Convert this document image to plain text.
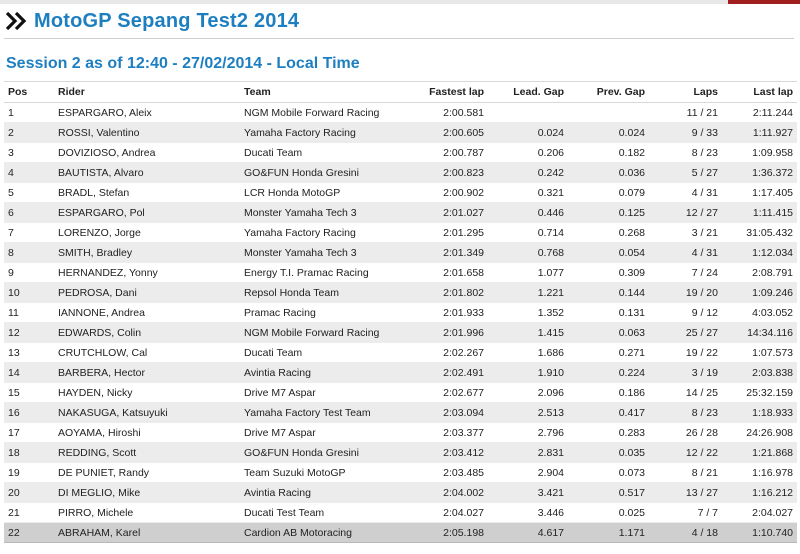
MotoGP Sepang Test2 2014
Session 2 as of 12:40 - 27/02/2014 - Local Time
Pos	Rider	Team	Fastest lap	Lead. Gap	Prev. Gap	Laps	Last lap
1	ESPARGARO, Aleix	NGM Mobile Forward Racing	2:00.581			11 / 21	2:11.244
2	ROSSI, Valentino	Yamaha Factory Racing	2:00.605	0.024	0.024	9 / 33	1:11.927
3	DOVIZIOSO, Andrea	Ducati Team	2:00.787	0.206	0.182	8 / 23	1:09.958
4	BAUTISTA, Alvaro	GO&FUN Honda Gresini	2:00.823	0.242	0.036	5 / 27	1:36.372
5	BRADL, Stefan	LCR Honda MotoGP	2:00.902	0.321	0.079	4 / 31	1:17.405
6	ESPARGARO, Pol	Monster Yamaha Tech 3	2:01.027	0.446	0.125	12 / 27	1:11.415
7	LORENZO, Jorge	Yamaha Factory Racing	2:01.295	0.714	0.268	3 / 21	31:05.432
8	SMITH, Bradley	Monster Yamaha Tech 3	2:01.349	0.768	0.054	4 / 31	1:12.034
9	HERNANDEZ, Yonny	Energy T.I. Pramac Racing	2:01.658	1.077	0.309	7 / 24	2:08.791
10	PEDROSA, Dani	Repsol Honda Team	2:01.802	1.221	0.144	19 / 20	1:09.246
11	IANNONE, Andrea	Pramac Racing	2:01.933	1.352	0.131	9 / 12	4:03.052
12	EDWARDS, Colin	NGM Mobile Forward Racing	2:01.996	1.415	0.063	25 / 27	14:34.116
13	CRUTCHLOW, Cal	Ducati Team	2:02.267	1.686	0.271	19 / 22	1:07.573
14	BARBERA, Hector	Avintia Racing	2:02.491	1.910	0.224	3 / 19	2:03.838
15	HAYDEN, Nicky	Drive M7 Aspar	2:02.677	2.096	0.186	14 / 25	25:32.159
16	NAKASUGA, Katsuyuki	Yamaha Factory Test Team	2:03.094	2.513	0.417	8 / 23	1:18.933
17	AOYAMA, Hiroshi	Drive M7 Aspar	2:03.377	2.796	0.283	26 / 28	24:26.908
18	REDDING, Scott	GO&FUN Honda Gresini	2:03.412	2.831	0.035	12 / 22	1:21.868
19	DE PUNIET, Randy	Team Suzuki MotoGP	2:03.485	2.904	0.073	8 / 21	1:16.978
20	DI MEGLIO, Mike	Avintia Racing	2:04.002	3.421	0.517	13 / 27	1:16.212
21	PIRRO, Michele	Ducati Test Team	2:04.027	3.446	0.025	7 / 7	2:04.027
22	ABRAHAM, Karel	Cardion AB Motoracing	2:05.198	4.617	1.171	4 / 18	1:10.740
